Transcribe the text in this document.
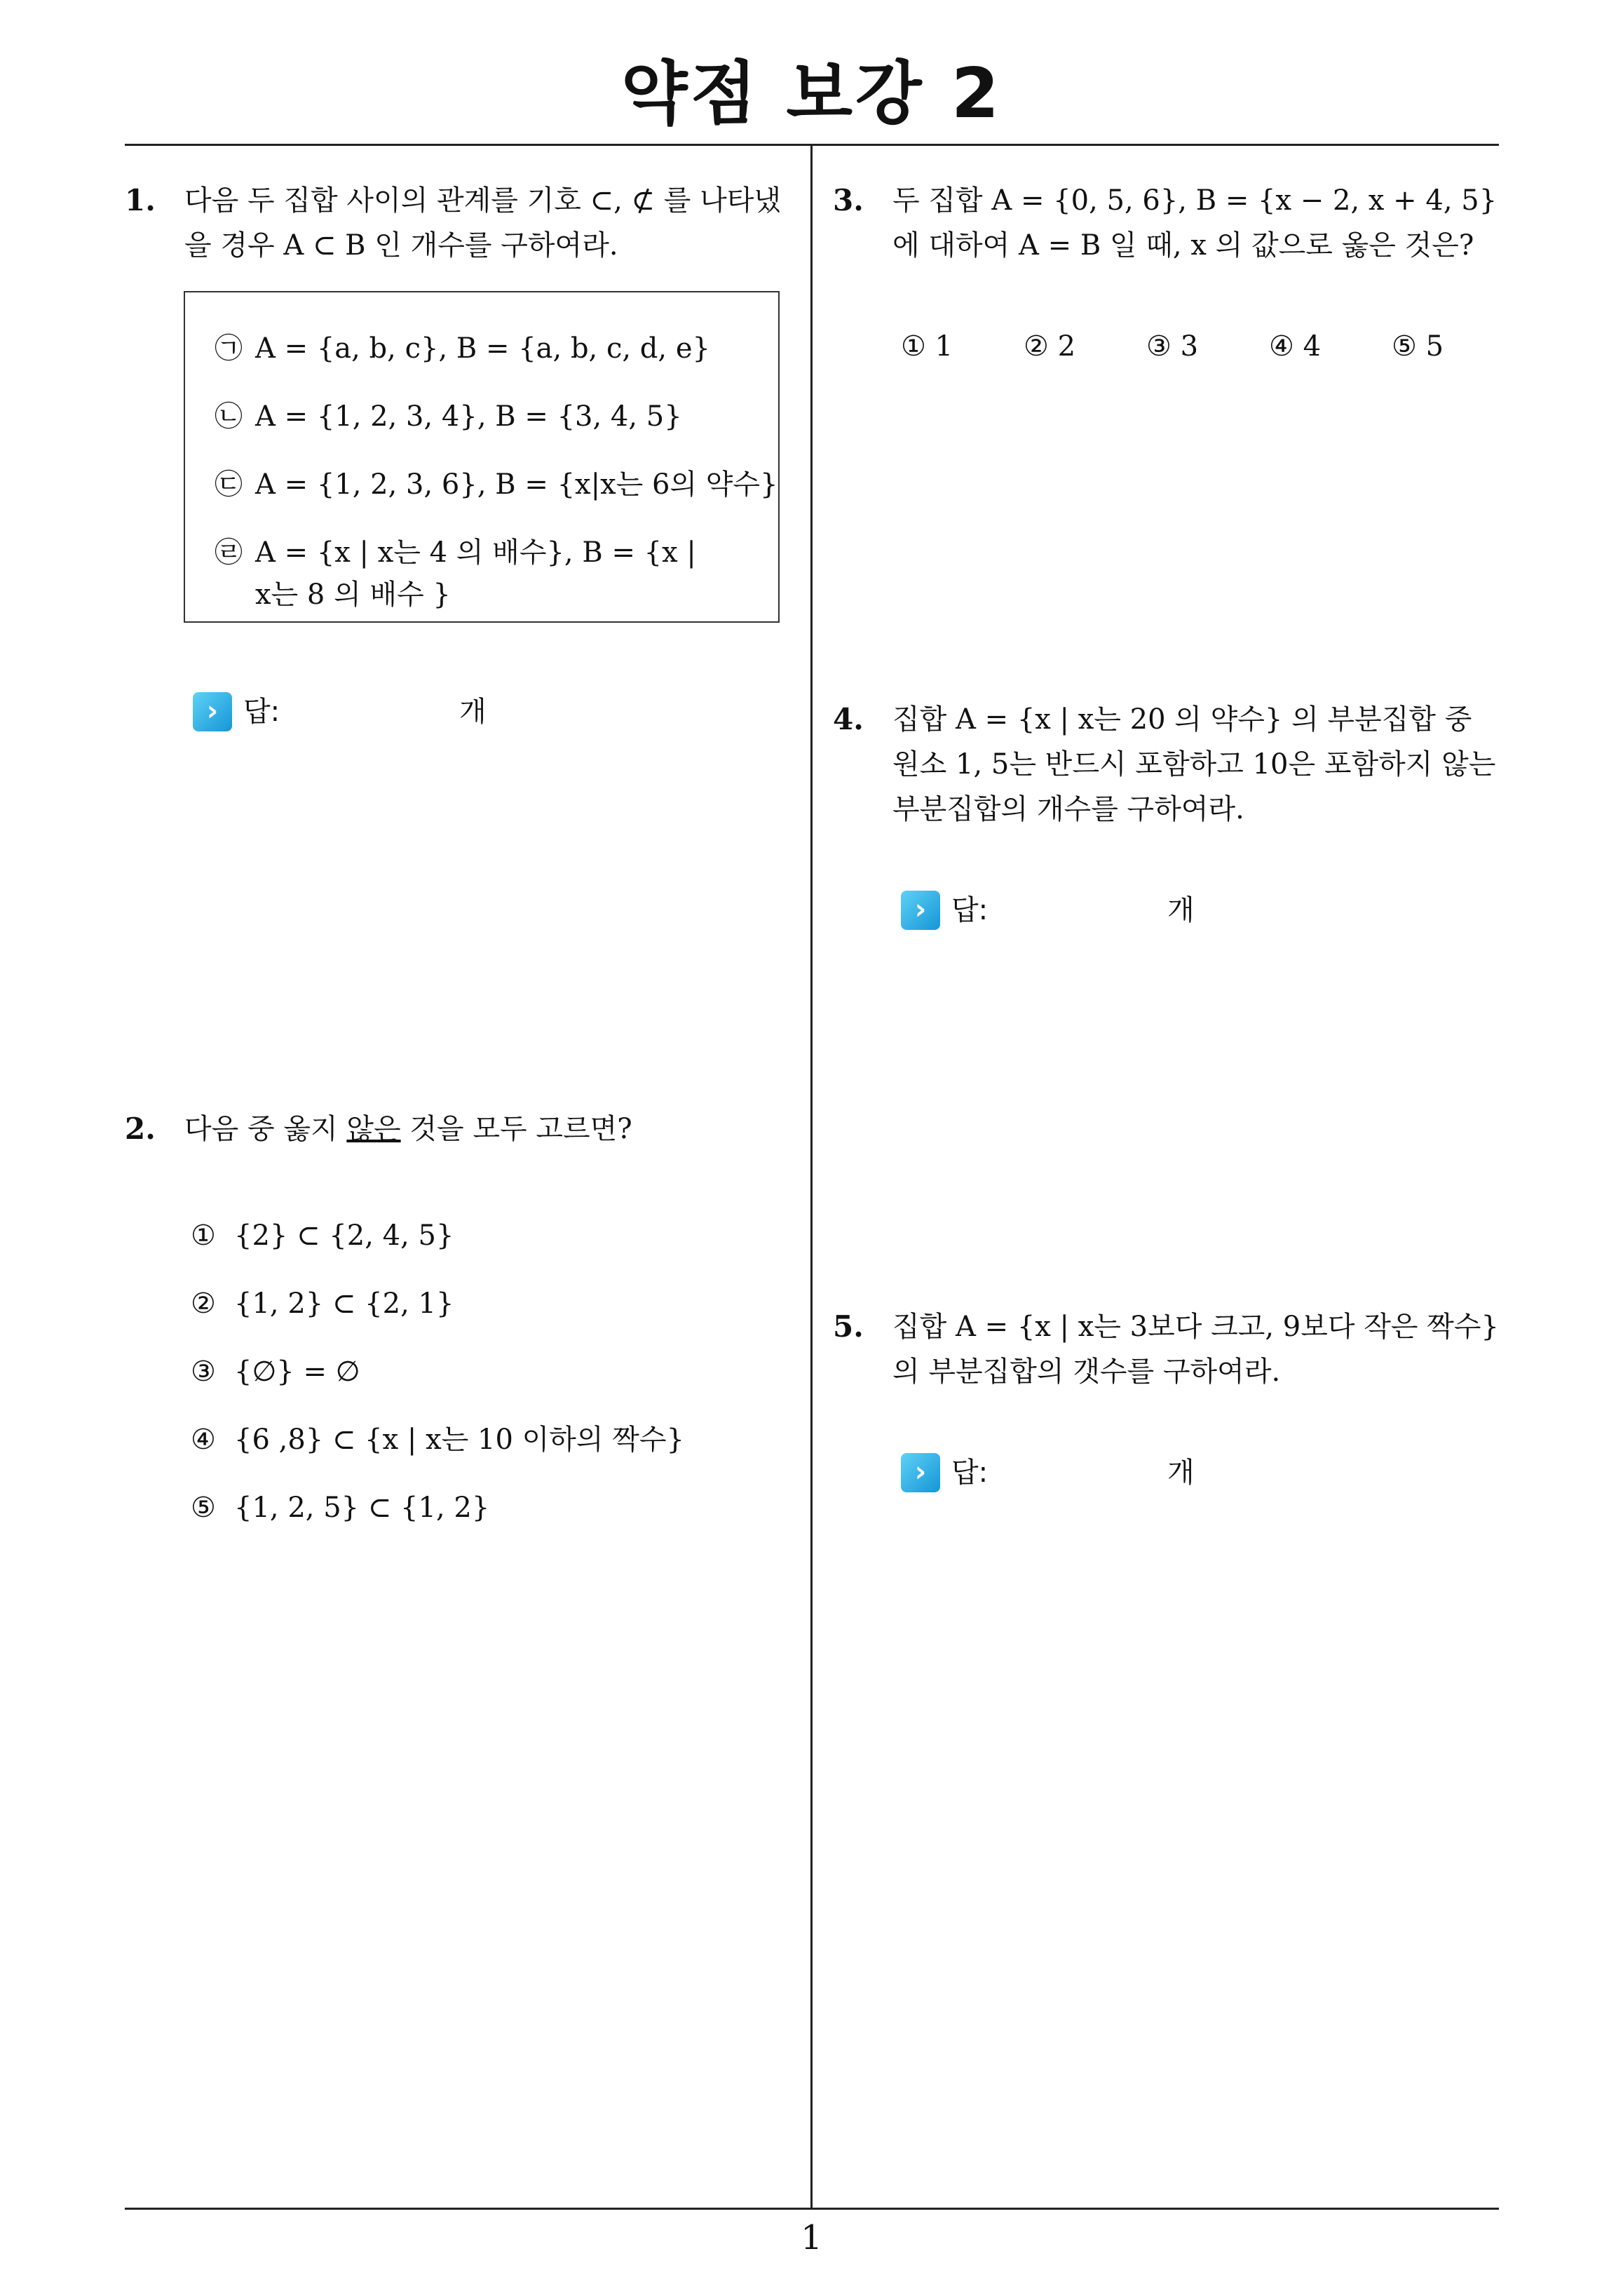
약점 보강 2
1
1. 다음 두 집합 사이의 관계를 기호 ⊂, ⊄ 를 나타냈을 경우 A ⊂ B 인 개수를 구하여라.
㉠ A = {a, b, c}, B = {a, b, c, d, e}
㉡ A = {1, 2, 3, 4}, B = {3, 4, 5}
㉢ A = {1, 2, 3, 6}, B = {x|x는 6의 약수}
㉣ A = {x | x는 4 의 배수}, B = {x |
x는 8 의 배수 }
› 답:	개
2. 다음 중 옳지 않은 것을 모두 고르면?
① {2} ⊂ {2, 4, 5}
② {1, 2} ⊂ {2, 1}
③ {∅} = ∅
④ {6 ,8} ⊂ {x | x는 10 이하의 짝수}
⑤ {1, 2, 5} ⊂ {1, 2}
3. 두 집합 A = {0, 5, 6}, B = {x − 2, x + 4, 5} 에 대하여 A = B 일 때, x 의 값으로 옳은 것은?
① 1	② 2	③ 3	④ 4	⑤ 5
4. 집합 A = {x | x는 20 의 약수} 의 부분집합 중 원소 1, 5는 반드시 포함하고 10은 포함하지 않는 부분집합의 개수를 구하여라.
› 답:	개
5. 집합 A = {x | x는 3보다 크고, 9보다 작은 짝수} 의 부분집합의 갯수를 구하여라.
› 답:	개
